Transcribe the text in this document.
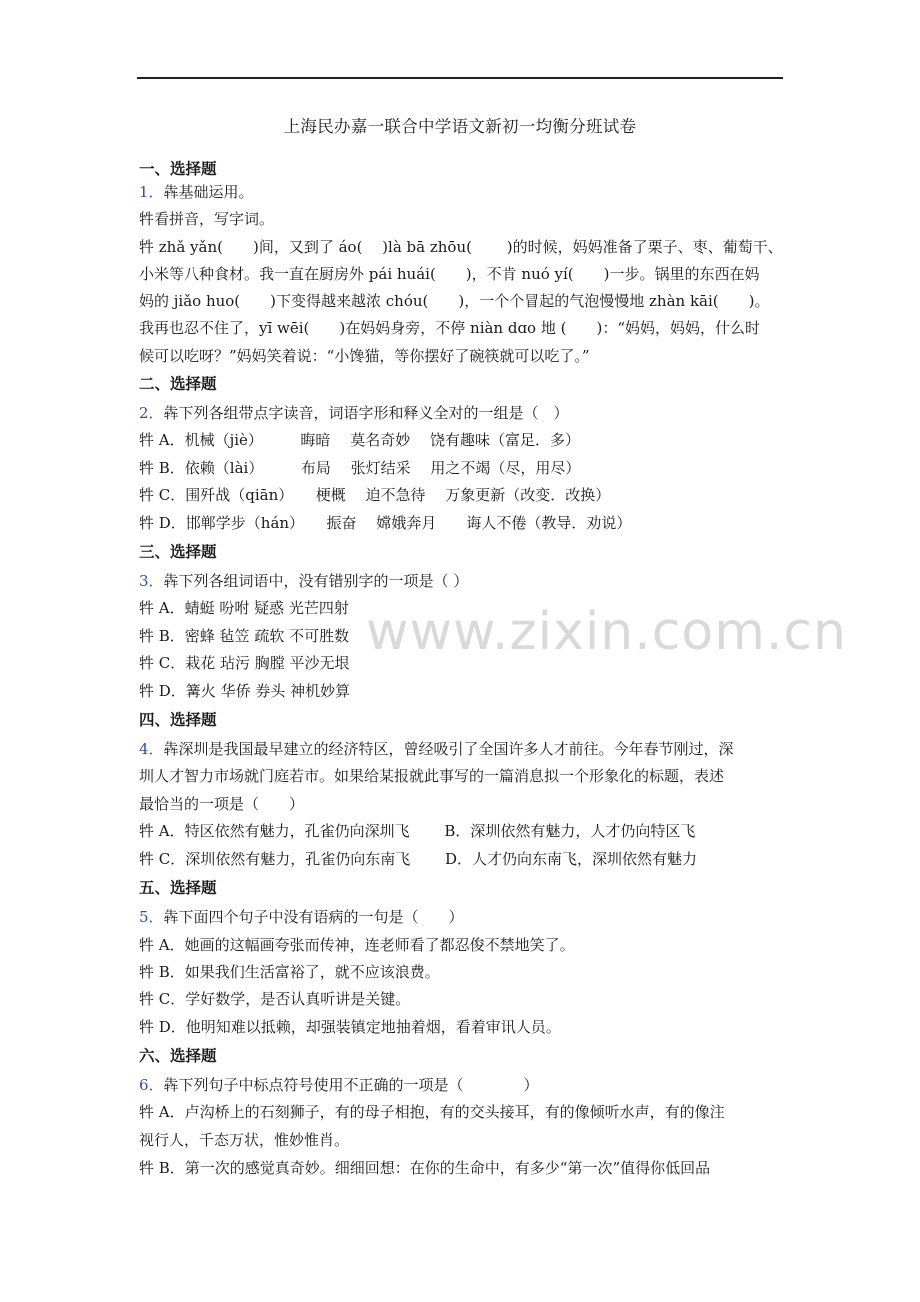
上海民办嘉一联合中学语文新初一均衡分班试卷
www.zixin.com.cn
一、选择题
1．犇基础运用。
牪看拼音，写字词。
牪 zhǎ yǎn(　　)间，又到了 áo(　 )là bā zhōu(　　 )的时候，妈妈准备了栗子、枣、葡萄干、
小米等八种食材。我一直在厨房外 pái huái(　　)，不肯 nuó yí(　　)一步。锅里的东西在妈
妈的 jiǎo huo(　　)下变得越来越浓 chóu(　　)，一个个冒起的气泡慢慢地 zhàn kāi(　　)。
我再也忍不住了，yī wēi(　　)在妈妈身旁，不停 niàn dɑo 地 (　　)：“妈妈，妈妈，什么时
候可以吃呀？”妈妈笑着说：“小馋猫，等你摆好了碗筷就可以吃了。”
二、选择题
2．犇下列各组带点字读音，词语字形和释义全对的一组是（　）
牪 A．机械（jiè）　　　晦暗　 莫名奇妙　 饶有趣味（富足．多）
牪 B．依赖（lài）　　　布局　 张灯结采　 用之不竭（尽，用尽）
牪 C．围歼战（qiān）　　梗概　 迫不急待　 万象更新（改变．改换）
牪 D．邯郸学步（hán）　　振奋　 嫦娥奔月　　诲人不倦（教导．劝说）
三、选择题
3．犇下列各组词语中，没有错别字的一项是（ ）
牪 A．蜻蜓 吩咐 疑惑 光芒四射
牪 B．密蜂 毡笠 疏软 不可胜数
牪 C．栽花 玷污 胸膛 平沙无垠
牪 D．篝火 华侨 券头 神机妙算
四、选择题
4．犇深圳是我国最早建立的经济特区，曾经吸引了全国许多人才前往。今年春节刚过，深
圳人才智力市场就门庭若市。如果给某报就此事写的一篇消息拟一个形象化的标题，表述
最恰当的一项是（　　）
牪 A．特区依然有魅力，孔雀仍向深圳飞　　 B．深圳依然有魅力，人才仍向特区飞
牪 C．深圳依然有魅力，孔雀仍向东南飞　　 D．人才仍向东南飞，深圳依然有魅力
五、选择题
5．犇下面四个句子中没有语病的一句是（　　）
牪 A．她画的这幅画夸张而传神，连老师看了都忍俊不禁地笑了。
牪 B．如果我们生活富裕了，就不应该浪费。
牪 C．学好数学，是否认真听讲是关键。
牪 D．他明知难以抵赖，却强装镇定地抽着烟，看着审讯人员。
六、选择题
6．犇下列句子中标点符号使用不正确的一项是（　　　　）
牪 A．卢沟桥上的石刻狮子，有的母子相抱，有的交头接耳，有的像倾听水声，有的像注
视行人，千态万状，惟妙惟肖。
牪 B．第一次的感觉真奇妙。细细回想：在你的生命中，有多少“第一次”值得你低回品
